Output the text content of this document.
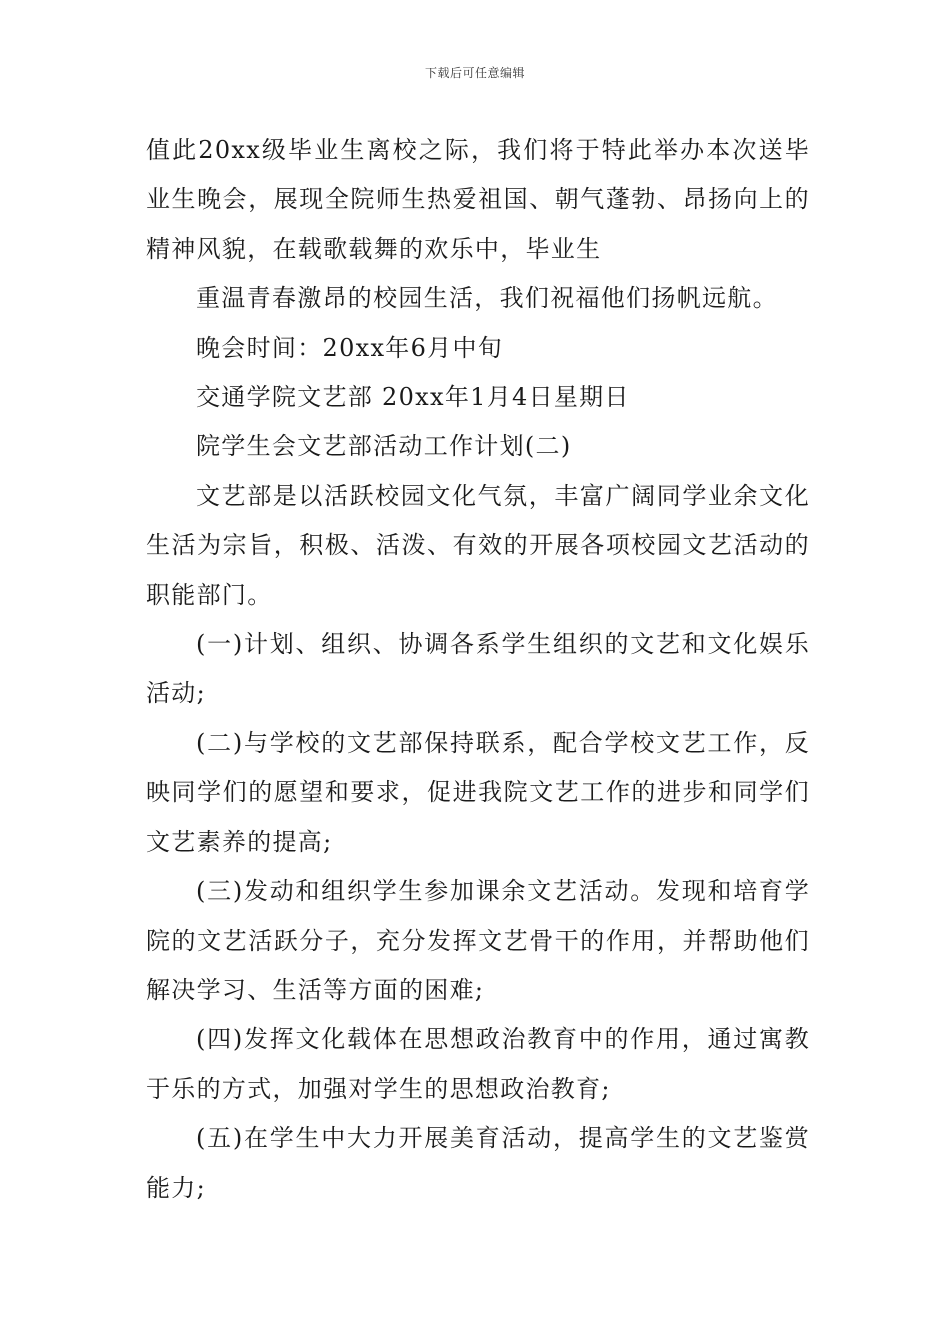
下载后可任意编辑

值此20xx级毕业生离校之际，我们将于特此举办本次送毕业生晚会，展现全院师生热爱祖国、朝气蓬勃、昂扬向上的精神风貌，在载歌载舞的欢乐中，毕业生

重温青春激昂的校园生活，我们祝福他们扬帆远航。

晚会时间：20xx年6月中旬

交通学院文艺部 20xx年1月4日星期日

院学生会文艺部活动工作计划(二)

文艺部是以活跃校园文化气氛，丰富广阔同学业余文化生活为宗旨，积极、活泼、有效的开展各项校园文艺活动的职能部门。

(一)计划、组织、协调各系学生组织的文艺和文化娱乐活动;

(二)与学校的文艺部保持联系，配合学校文艺工作，反映同学们的愿望和要求，促进我院文艺工作的进步和同学们文艺素养的提高;

(三)发动和组织学生参加课余文艺活动。发现和培育学院的文艺活跃分子，充分发挥文艺骨干的作用，并帮助他们解决学习、生活等方面的困难;

(四)发挥文化载体在思想政治教育中的作用，通过寓教于乐的方式，加强对学生的思想政治教育;

(五)在学生中大力开展美育活动，提高学生的文艺鉴赏能力;
